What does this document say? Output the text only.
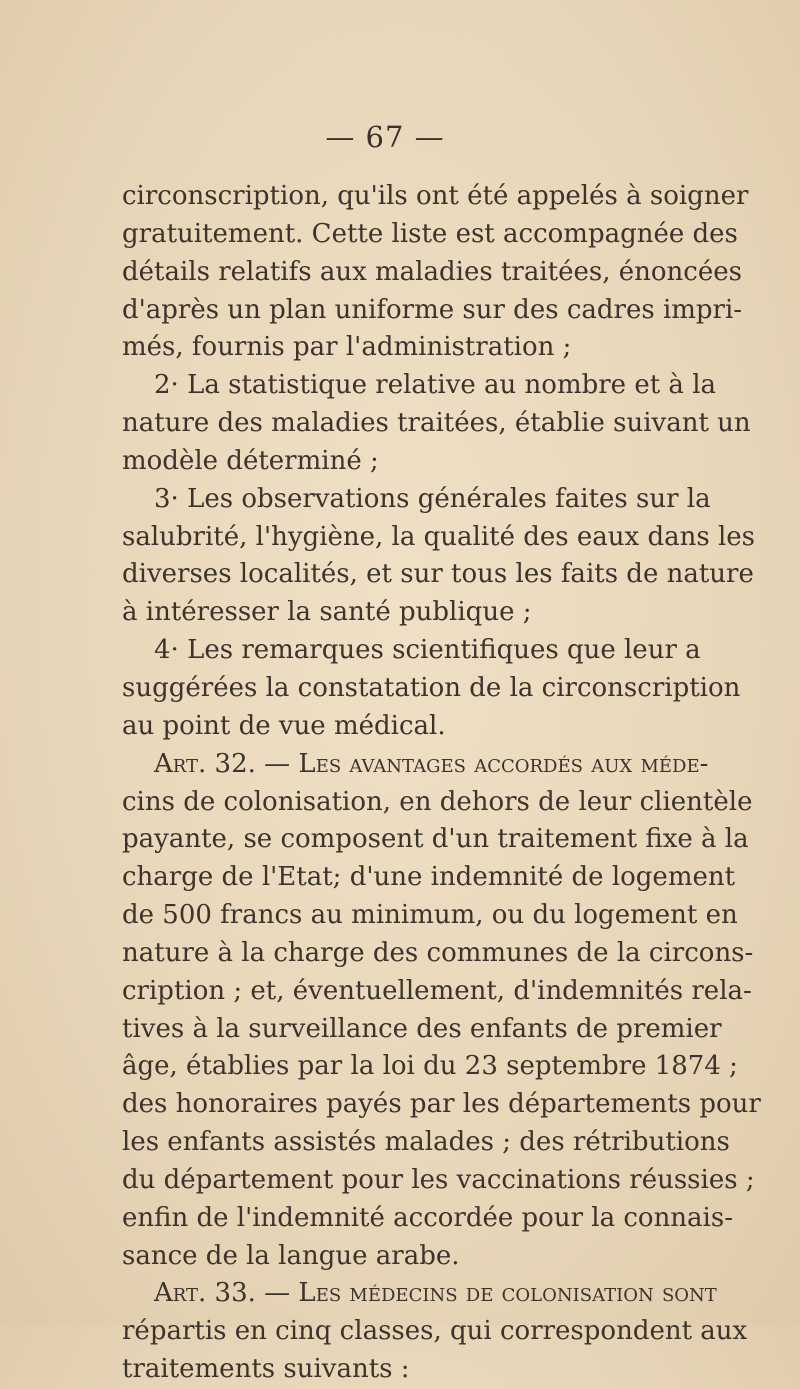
— 67 —
circonscription, qu'ils ont été appelés à soigner
gratuitement. Cette liste est accompagnée des
détails relatifs aux maladies traitées, énoncées
d'après un plan uniforme sur des cadres impri-
més, fournis par l'administration ;
2· La statistique relative au nombre et à la
nature des maladies traitées, établie suivant un
modèle déterminé ;
3· Les observations générales faites sur la
salubrité, l'hygiène, la qualité des eaux dans les
diverses localités, et sur tous les faits de nature
à intéresser la santé publique ;
4· Les remarques scientifiques que leur a
suggérées la constatation de la circonscription
au point de vue médical.
Art. 32. — Les avantages accordés aux méde-
cins de colonisation, en dehors de leur clientèle
payante, se composent d'un traitement fixe à la
charge de l'Etat; d'une indemnité de logement
de 500 francs au minimum, ou du logement en
nature à la charge des communes de la circons-
cription ; et, éventuellement, d'indemnités rela-
tives à la surveillance des enfants de premier
âge, établies par la loi du 23 septembre 1874 ;
des honoraires payés par les départements pour
les enfants assistés malades ; des rétributions
du département pour les vaccinations réussies ;
enfin de l'indemnité accordée pour la connais-
sance de la langue arabe.
Art. 33. — Les médecins de colonisation sont
répartis en cinq classes, qui correspondent aux
traitements suivants :
